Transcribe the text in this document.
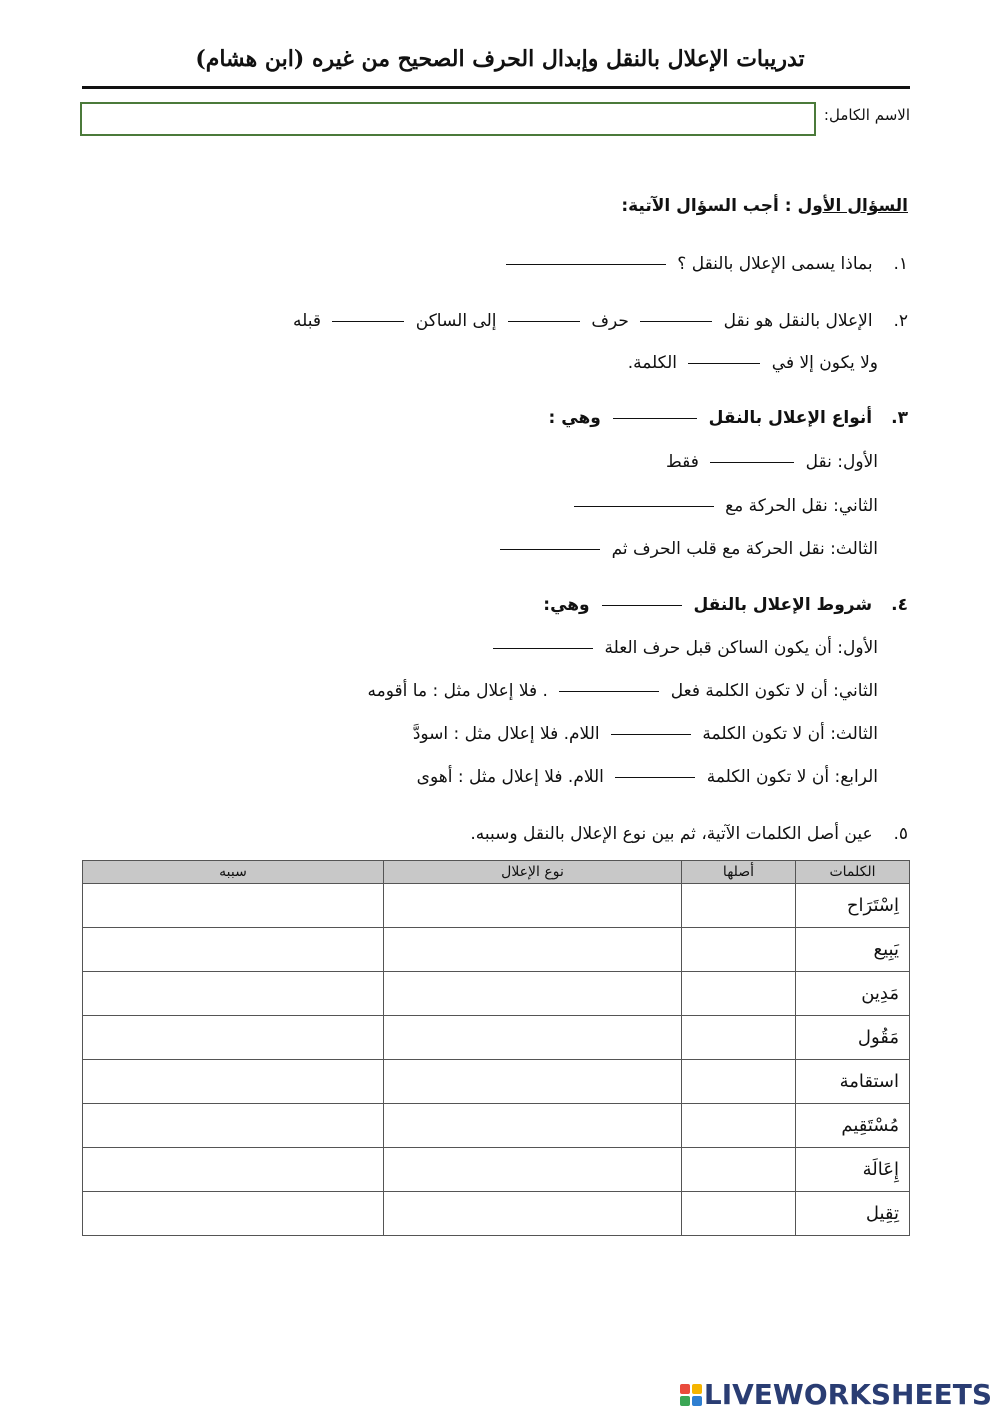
تدريبات الإعلال بالنقل وإبدال الحرف الصحيح من غيره (ابن هشام)
الاسم الكامل:
السؤال الأول : أجب السؤال الآتية:
١. بماذا يسمى الإعلال بالنقل ؟
٢. الإعلال بالنقل هو نقل  حرف  إلى الساكن  قبله
ولا يكون إلا في  الكلمة.
٣. أنواع الإعلال بالنقل  وهي :
الأول: نقل  فقط
الثاني: نقل الحركة مع
الثالث: نقل الحركة مع قلب الحرف ثم
٤. شروط الإعلال بالنقل  وهي:
الأول: أن يكون الساكن قبل حرف العلة
الثاني: أن لا تكون الكلمة فعل  . فلا إعلال مثل : ما أقومه
الثالث: أن لا تكون الكلمة  اللام. فلا إعلال مثل : اسودَّ
الرابع: أن لا تكون الكلمة  اللام. فلا إعلال مثل : أهوى
٥. عين أصل الكلمات الآتية، ثم بين نوع الإعلال بالنقل وسببه.
الكلمات	أصلها	نوع الإعلال	سببه
اِسْتَرَاح			
يَبِيع			
مَدِين			
مَقُول			
استقامة			
مُسْتَقِيم			
إِعَالَة			
تِقِيل			
LIVEWORKSHEETS
